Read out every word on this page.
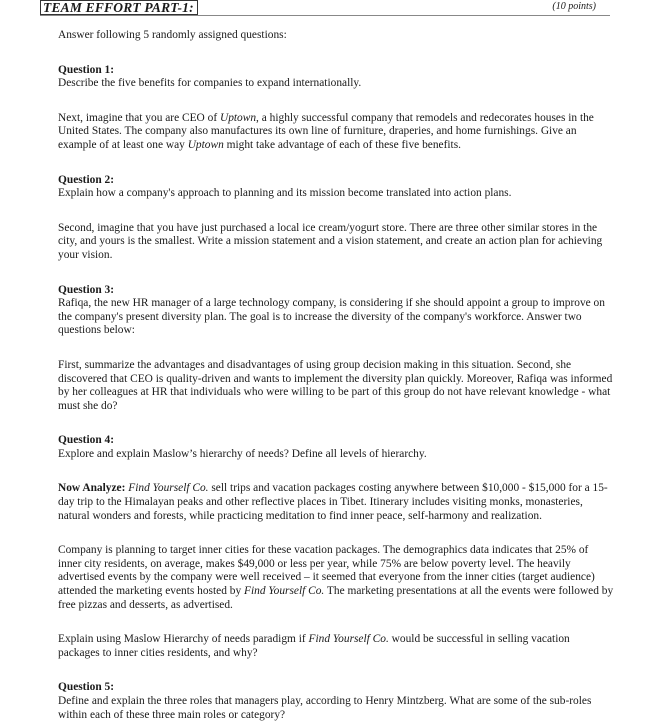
TEAM EFFORT PART-1:	(10 points)

Answer following 5 randomly assigned questions:

Question 1:

Describe the five benefits for companies to expand internationally.

Next, imagine that you are CEO of Uptown, a highly successful company that remodels and redecorates houses in the United States. The company also manufactures its own line of furniture, draperies, and home furnishings. Give an example of at least one way Uptown might take advantage of each of these five benefits.

Question 2:

Explain how a company's approach to planning and its mission become translated into action plans.

Second, imagine that you have just purchased a local ice cream/yogurt store. There are three other similar stores in the city, and yours is the smallest. Write a mission statement and a vision statement, and create an action plan for achieving your vision.

Question 3:

Rafiqa, the new HR manager of a large technology company, is considering if she should appoint a group to improve on the company's present diversity plan. The goal is to increase the diversity of the company's workforce. Answer two questions below:

First, summarize the advantages and disadvantages of using group decision making in this situation. Second, she discovered that CEO is quality-driven and wants to implement the diversity plan quickly. Moreover, Rafiqa was informed by her colleagues at HR that individuals who were willing to be part of this group do not have relevant knowledge - what must she do?

Question 4:

Explore and explain Maslow’s hierarchy of needs? Define all levels of hierarchy.

Now Analyze: Find Yourself Co. sell trips and vacation packages costing anywhere between $10,000 - $15,000 for a 15-day trip to the Himalayan peaks and other reflective places in Tibet. Itinerary includes visiting monks, monasteries, natural wonders and forests, while practicing meditation to find inner peace, self-harmony and realization.

Company is planning to target inner cities for these vacation packages. The demographics data indicates that 25% of inner city residents, on average, makes $49,000 or less per year, while 75% are below poverty level. The heavily advertised events by the company were well received – it seemed that everyone from the inner cities (target audience) attended the marketing events hosted by Find Yourself Co. The marketing presentations at all the events were followed by free pizzas and desserts, as advertised.

Explain using Maslow Hierarchy of needs paradigm if Find Yourself Co. would be successful in selling vacation packages to inner cities residents, and why?

Question 5:

Define and explain the three roles that managers play, according to Henry Mintzberg. What are some of the sub-roles within each of these three main roles or category?
